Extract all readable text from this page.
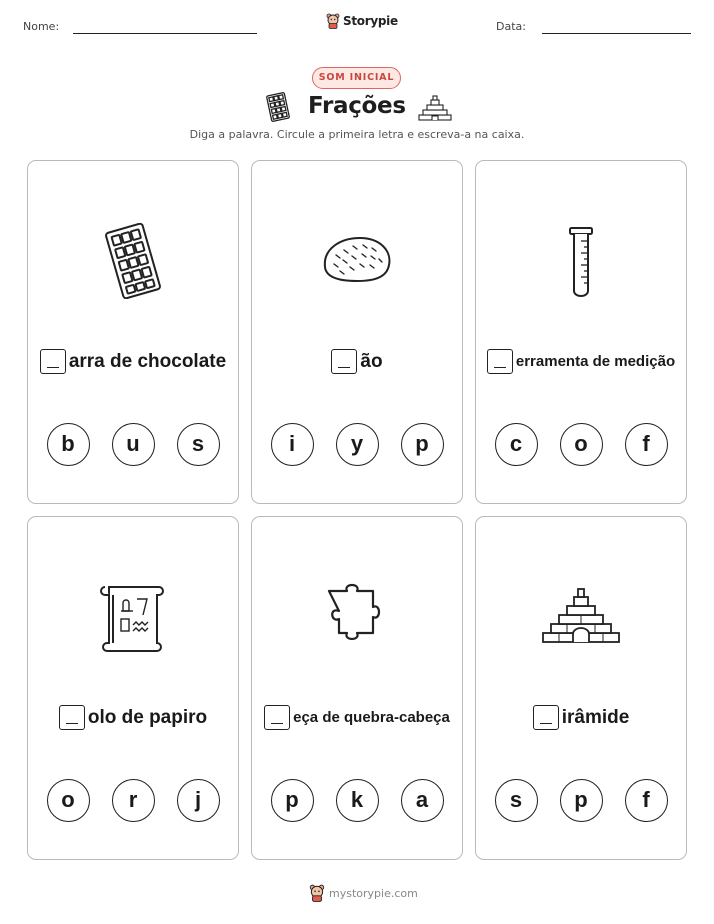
Nome:	Storypie	Data:
SOM INICIAL
Frações
Diga a palavra. Circule a primeira letra e escreva-a na caixa.
arra de chocolate
b	u	s
ão
i	y	p
erramenta de medição
c	o	f
olo de papiro
o	r	j
eça de quebra-cabeça
p	k	a
irâmide
s	p	f
mystorypie.com
